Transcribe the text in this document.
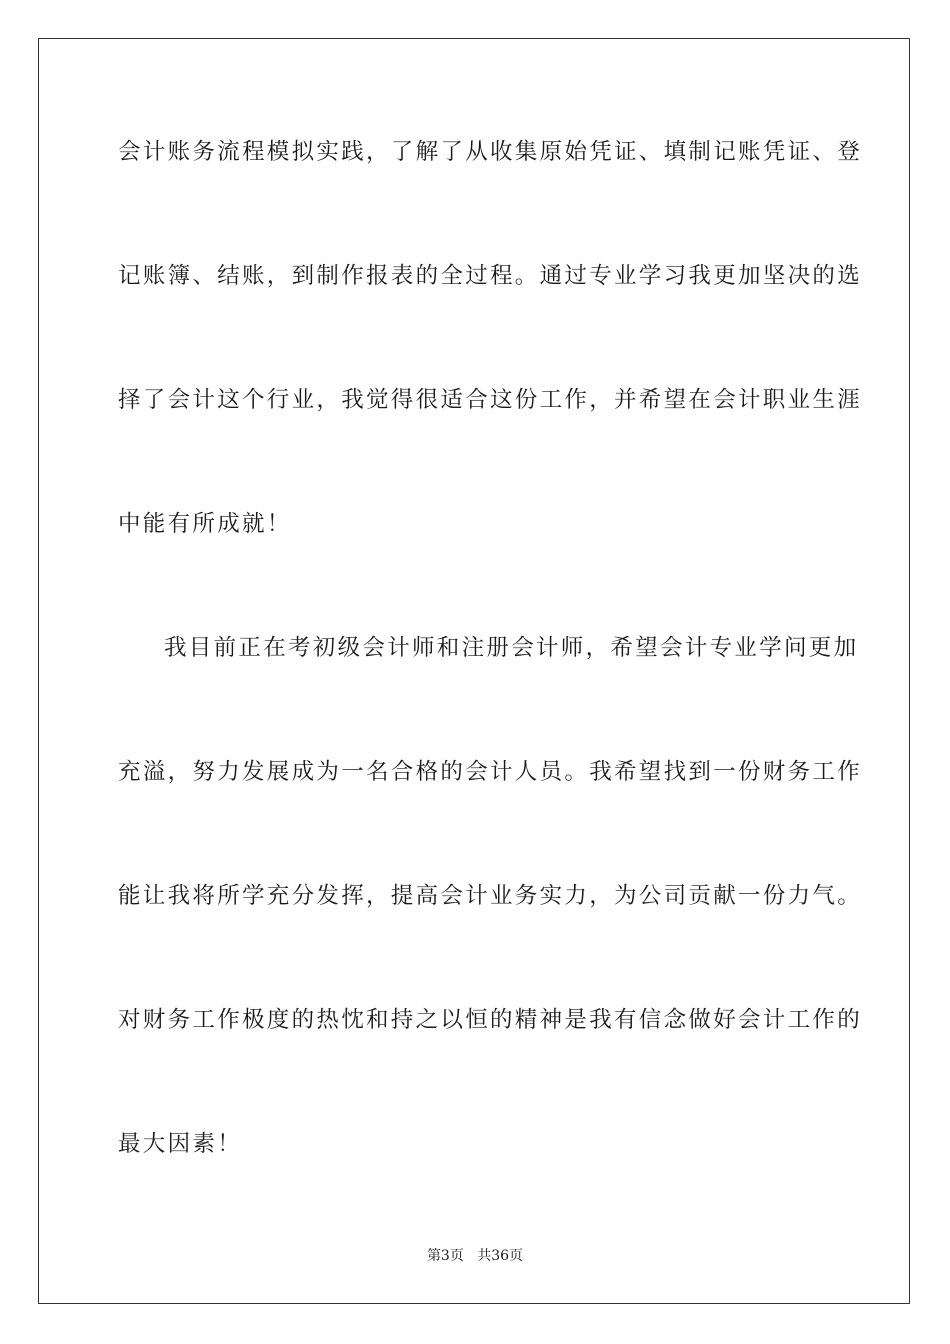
会计账务流程模拟实践，了解了从收集原始凭证、填制记账凭证、登
记账簿、结账，到制作报表的全过程。通过专业学习我更加坚决的选
择了会计这个行业，我觉得很适合这份工作，并希望在会计职业生涯
中能有所成就！
我目前正在考初级会计师和注册会计师，希望会计专业学问更加
充溢，努力发展成为一名合格的会计人员。我希望找到一份财务工作
能让我将所学充分发挥，提高会计业务实力，为公司贡献一份力气。
对财务工作极度的热忱和持之以恒的精神是我有信念做好会计工作的
最大因素！
第3页 共36页
